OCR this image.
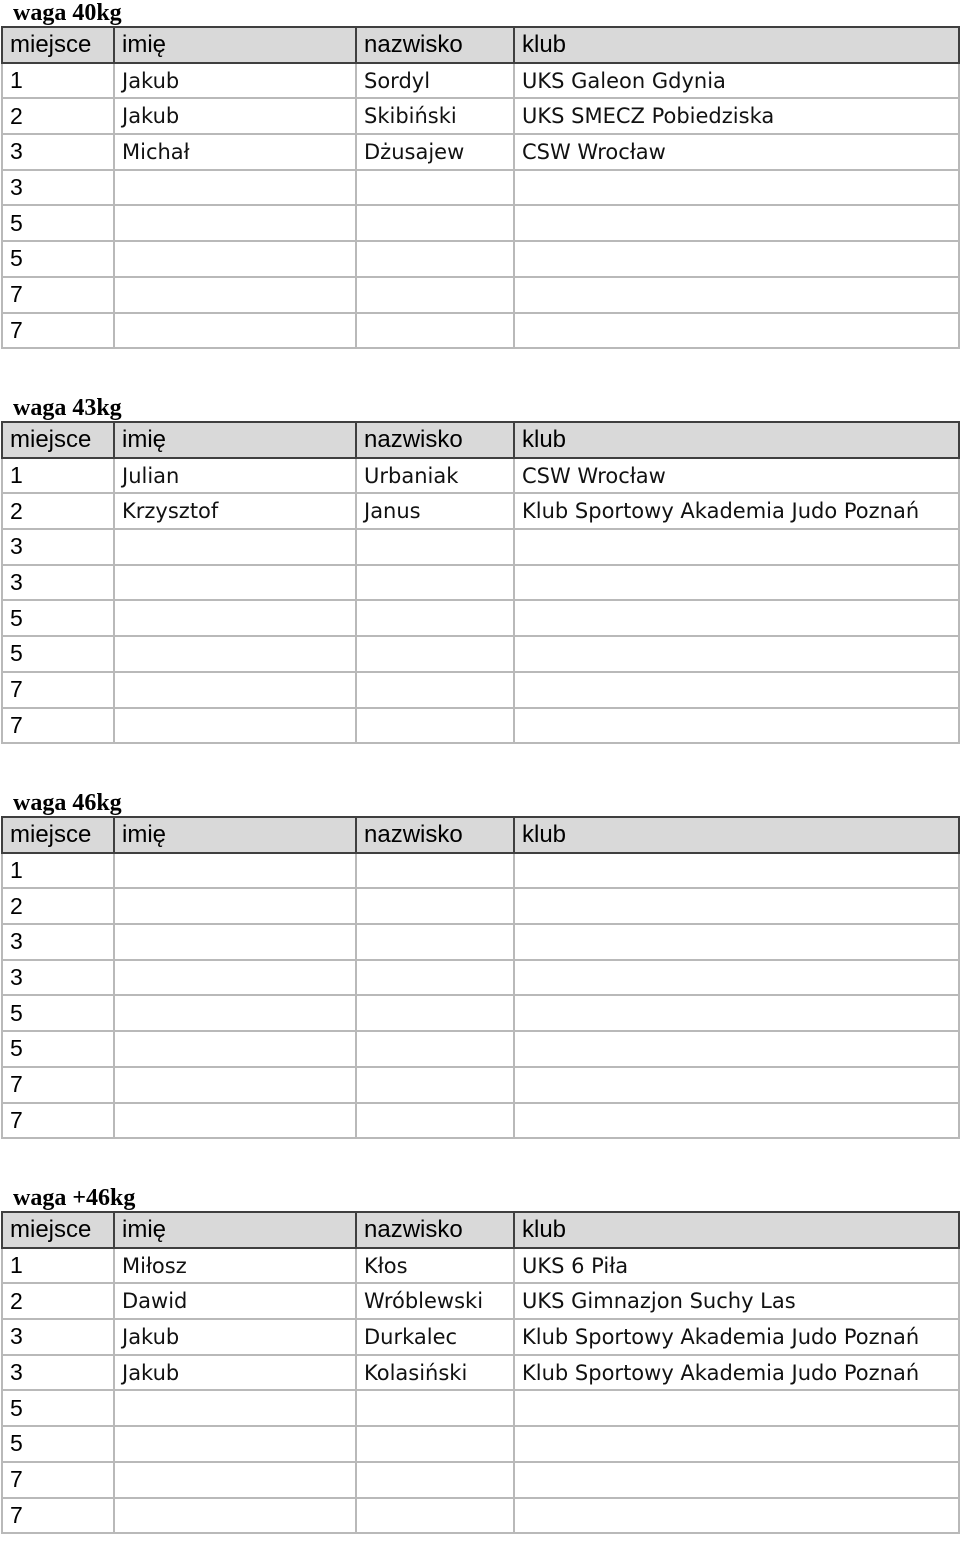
waga 40kg
miejsce	imię	nazwisko	klub
1	Jakub	Sordyl	UKS Galeon Gdynia
2	Jakub	Skibiński	UKS SMECZ Pobiedziska
3	Michał	Dżusajew	CSW Wrocław
3			
5			
5			
7			
7			
waga 43kg
miejsce	imię	nazwisko	klub
1	Julian	Urbaniak	CSW Wrocław
2	Krzysztof	Janus	Klub Sportowy Akademia Judo Poznań
3			
3			
5			
5			
7			
7			
waga 46kg
miejsce	imię	nazwisko	klub
1			
2			
3			
3			
5			
5			
7			
7			
waga +46kg
miejsce	imię	nazwisko	klub
1	Miłosz	Kłos	UKS 6 Piła
2	Dawid	Wróblewski	UKS Gimnazjon Suchy Las
3	Jakub	Durkalec	Klub Sportowy Akademia Judo Poznań
3	Jakub	Kolasiński	Klub Sportowy Akademia Judo Poznań
5			
5			
7			
7			
